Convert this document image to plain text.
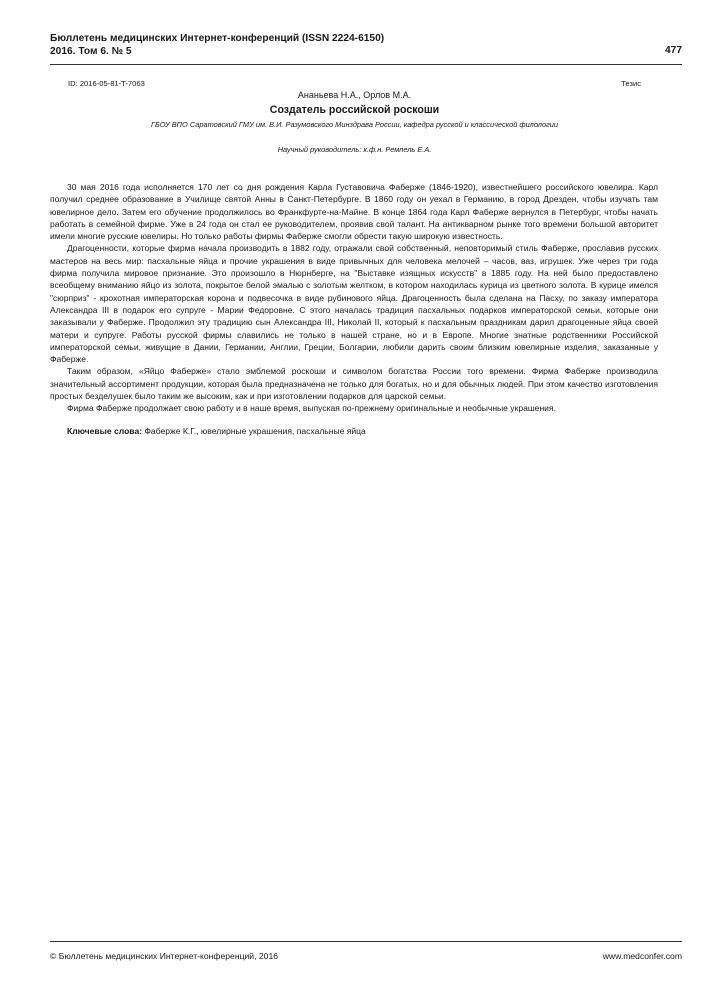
Бюллетень медицинских Интернет-конференций (ISSN 2224-6150)
2016. Том 6. № 5	477
ID: 2016-05-81-T-7063	Тезис
Ананьева Н.А., Орлов М.А.
Создатель российской роскоши
ГБОУ ВПО Саратовский ГМУ им. В.И. Разумовского Минздрава России, кафедра русской и классической филологии
Научный руководитель: к.ф.н. Ремпель Е.А.

30 мая 2016 года исполняется 170 лет со дня рождения Карла Густавовича Фаберже (1846-1920), известнейшего российского ювелира. Карл получил среднее образование в Училище святой Анны в Санкт-Петербурге. В 1860 году он уехал в Германию, в город Дрезден, чтобы изучать там ювелирное дело. Затем его обучение продолжилось во Франкфурте-на-Майне. В конце 1864 года Карл Фаберже вернулся в Петербург, чтобы начать работать в семейной фирме. Уже в 24 года он стал ее руководителем, проявив свой талант. На антикварном рынке того времени большой авторитет имели многие русские ювелиры. Но только работы фирмы Фаберже смогли обрести такую широкую известность.

Драгоценности, которые фирма начала производить в 1882 году, отражали свой собственный, неповторимый стиль Фаберже, прославив русских мастеров на весь мир: пасхальные яйца и прочие украшения в виде привычных для человека мелочей – часов, ваз, игрушек. Уже через три года фирма получила мировое признание. Это произошло в Нюрнберге, на "Выставке изящных искусств" в 1885 году. На ней было предоставлено всеобщему вниманию яйцо из золота, покрытое белой эмалью с золотым желтком, в котором находилась курица из цветного золота. В курице имелся "сюрприз" - крохотная императорская корона и подвесочка в виде рубинового яйца. Драгоценность была сделана на Пасху, по заказу императора Александра III в подарок его супруге - Марии Федоровне. С этого началась традиция пасхальных подарков императорской семьи, которые они заказывали у Фаберже. Продолжил эту традицию сын Александра III, Николай II, который к пасхальным праздникам дарил драгоценные яйца своей матери и супруге. Работы русской фирмы славились не только в нашей стране, но и в Европе. Многие знатные родственники Российской императорской семьи, живущие в Дании, Германии, Англии, Греции, Болгарии, любили дарить своим близким ювелирные изделия, заказанные у Фаберже.

Таким образом, «Яйцо Фаберже» стало эмблемой роскоши и символом богатства России того времени. Фирма Фаберже производила значительный ассортимент продукции, которая была предназначена не только для богатых, но и для обычных людей. При этом качество изготовления простых безделушек было таким же высоким, как и при изготовлении подарков для царской семьи.

Фирма Фаберже продолжает свою работу и в наше время, выпуская по-прежнему оригинальные и необычные украшения.

Ключевые слова: Фаберже К.Г., ювелирные украшения, пасхальные яйца

© Бюллетень медицинских Интернет-конференций, 2016	www.medconfer.com
